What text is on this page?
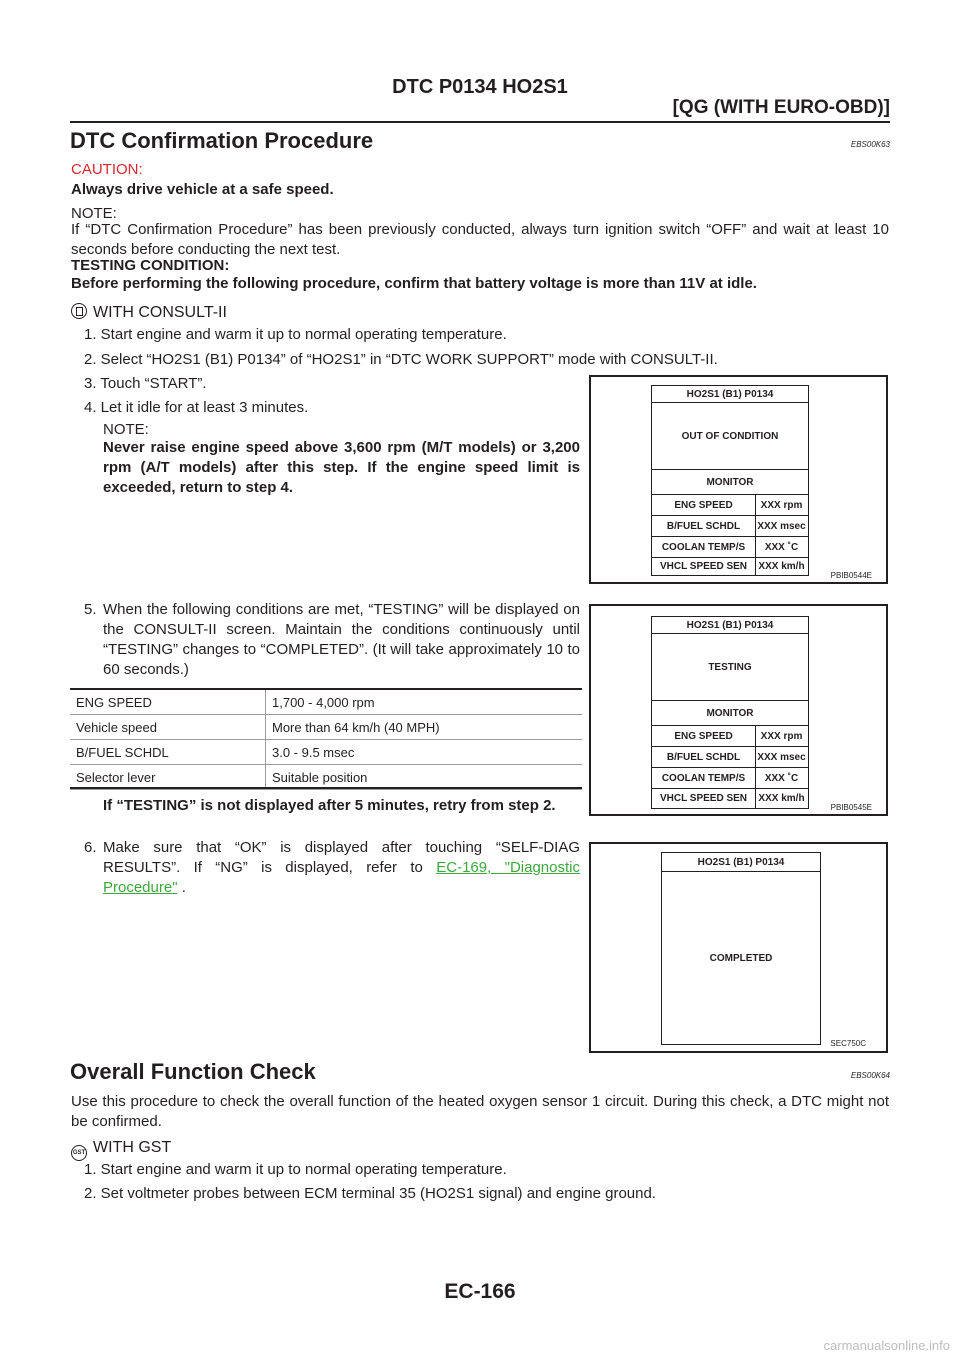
DTC P0134 HO2S1
[QG (WITH EURO-OBD)]
DTC Confirmation Procedure	EBS00K63
CAUTION:
Always drive vehicle at a safe speed.
NOTE:
If “DTC Confirmation Procedure” has been previously conducted, always turn ignition switch “OFF” and wait at least 10 seconds before conducting the next test.
TESTING CONDITION:
Before performing the following procedure, confirm that battery voltage is more than 11V at idle.
WITH CONSULT-II
1. Start engine and warm it up to normal operating temperature.
2. Select “HO2S1 (B1) P0134” of “HO2S1” in “DTC WORK SUPPORT” mode with CONSULT-II.
3. Touch “START”.
4. Let it idle for at least 3 minutes.
NOTE:
Never raise engine speed above 3,600 rpm (M/T models) or 3,200 rpm (A/T models) after this step. If the engine speed limit is exceeded, return to step 4.
5. When the following conditions are met, “TESTING” will be displayed on the CONSULT-II screen. Maintain the conditions continuously until “TESTING” changes to “COMPLETED”. (It will take approximately 10 to 60 seconds.)
ENG SPEED	1,700 - 4,000 rpm
Vehicle speed	More than 64 km/h (40 MPH)
B/FUEL SCHDL	3.0 - 9.5 msec
Selector lever	Suitable position
If “TESTING” is not displayed after 5 minutes, retry from step 2.
6. Make sure that “OK” is displayed after touching “SELF-DIAG RESULTS”. If “NG” is displayed, refer to EC-169, "Diagnostic Procedure" .
HO2S1 (B1) P0134
OUT OF CONDITION
MONITOR
ENG SPEED	XXX rpm
B/FUEL SCHDL	XXX msec
COOLAN TEMP/S	XXX ˚C
VHCL SPEED SEN	XXX km/h
PBIB0544E
HO2S1 (B1) P0134
TESTING
MONITOR
ENG SPEED	XXX rpm
B/FUEL SCHDL	XXX msec
COOLAN TEMP/S	XXX ˚C
VHCL SPEED SEN	XXX km/h
PBIB0545E
HO2S1 (B1) P0134
COMPLETED
SEC750C
Overall Function Check	EBS00K64
Use this procedure to check the overall function of the heated oxygen sensor 1 circuit. During this check, a DTC might not be confirmed.
GST WITH GST
1. Start engine and warm it up to normal operating temperature.
2. Set voltmeter probes between ECM terminal 35 (HO2S1 signal) and engine ground.
EC-166
carmanualsonline.info
